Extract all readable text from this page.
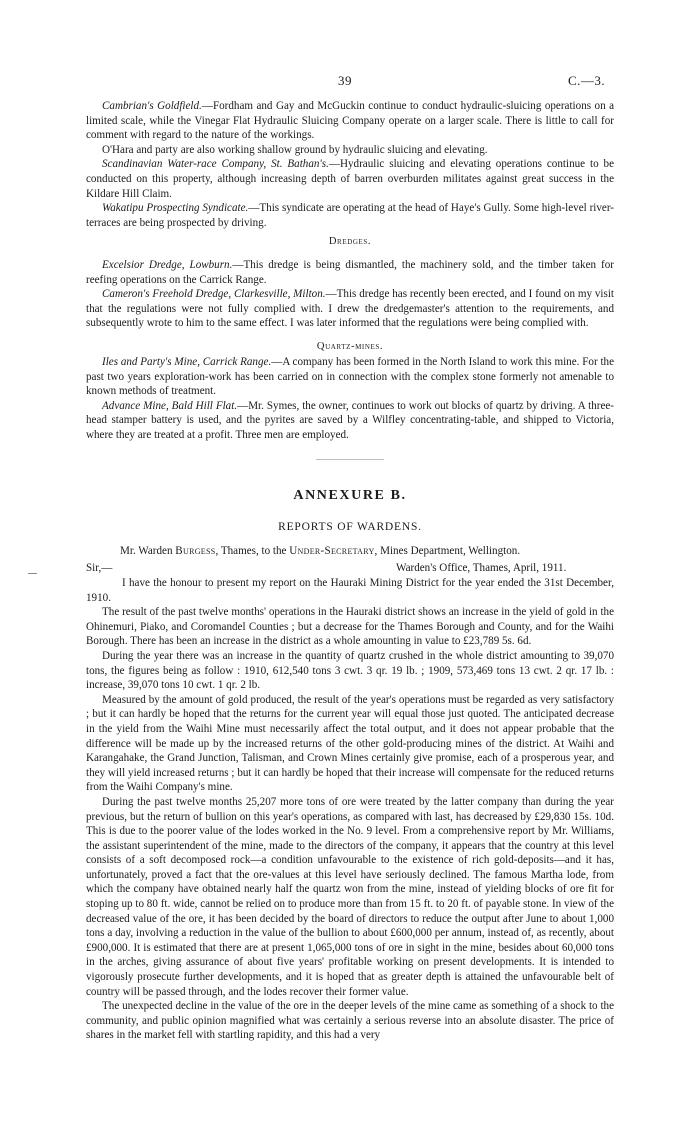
39	C.—3.

Cambrian's Goldfield.—Fordham and Gay and McGuckin continue to conduct hydraulic-sluicing operations on a limited scale, while the Vinegar Flat Hydraulic Sluicing Company operate on a larger scale. There is little to call for comment with regard to the nature of the workings.

O'Hara and party are also working shallow ground by hydraulic sluicing and elevating.

Scandinavian Water-race Company, St. Bathan's.—Hydraulic sluicing and elevating operations continue to be conducted on this property, although increasing depth of barren overburden militates against great success in the Kildare Hill Claim.

Wakatipu Prospecting Syndicate.—This syndicate are operating at the head of Haye's Gully. Some high-level river-terraces are being prospected by driving.

Dredges.

Excelsior Dredge, Lowburn.—This dredge is being dismantled, the machinery sold, and the timber taken for reefing operations on the Carrick Range.

Cameron's Freehold Dredge, Clarkesville, Milton.—This dredge has recently been erected, and I found on my visit that the regulations were not fully complied with. I drew the dredgemaster's attention to the requirements, and subsequently wrote to him to the same effect. I was later informed that the regulations were being complied with.

Quartz-mines.

Iles and Party's Mine, Carrick Range.—A company has been formed in the North Island to work this mine. For the past two years exploration-work has been carried on in connection with the complex stone formerly not amenable to known methods of treatment.

Advance Mine, Bald Hill Flat.—Mr. Symes, the owner, continues to work out blocks of quartz by driving. A three-head stamper battery is used, and the pyrites are saved by a Wilfley concentrating-table, and shipped to Victoria, where they are treated at a profit. Three men are employed.

ANNEXURE B.
REPORTS OF WARDENS.
Mr. Warden Burgess, Thames, to the Under-Secretary, Mines Department, Wellington.
Sir,—	Warden's Office, Thames, April, 1911.

I have the honour to present my report on the Hauraki Mining District for the year ended the 31st December, 1910.

The result of the past twelve months' operations in the Hauraki district shows an increase in the yield of gold in the Ohinemuri, Piako, and Coromandel Counties ; but a decrease for the Thames Borough and County, and for the Waihi Borough. There has been an increase in the district as a whole amounting in value to £23,789 5s. 6d.

During the year there was an increase in the quantity of quartz crushed in the whole district amounting to 39,070 tons, the figures being as follow : 1910, 612,540 tons 3 cwt. 3 qr. 19 lb. ; 1909, 573,469 tons 13 cwt. 2 qr. 17 lb. : increase, 39,070 tons 10 cwt. 1 qr. 2 lb.

Measured by the amount of gold produced, the result of the year's operations must be regarded as very satisfactory ; but it can hardly be hoped that the returns for the current year will equal those just quoted. The anticipated decrease in the yield from the Waihi Mine must necessarily affect the total output, and it does not appear probable that the difference will be made up by the increased returns of the other gold-producing mines of the district. At Waihi and Karangahake, the Grand Junction, Talisman, and Crown Mines certainly give promise, each of a prosperous year, and they will yield increased returns ; but it can hardly be hoped that their increase will compensate for the reduced returns from the Waihi Company's mine.

During the past twelve months 25,207 more tons of ore were treated by the latter company than during the year previous, but the return of bullion on this year's operations, as compared with last, has decreased by £29,830 15s. 10d. This is due to the poorer value of the lodes worked in the No. 9 level. From a comprehensive report by Mr. Williams, the assistant superintendent of the mine, made to the directors of the company, it appears that the country at this level consists of a soft decomposed rock—a condition unfavourable to the existence of rich gold-deposits—and it has, unfortunately, proved a fact that the ore-values at this level have seriously declined. The famous Martha lode, from which the company have obtained nearly half the quartz won from the mine, instead of yielding blocks of ore fit for stoping up to 80 ft. wide, cannot be relied on to produce more than from 15 ft. to 20 ft. of payable stone. In view of the decreased value of the ore, it has been decided by the board of directors to reduce the output after June to about 1,000 tons a day, involving a reduction in the value of the bullion to about £600,000 per annum, instead of, as recently, about £900,000. It is estimated that there are at present 1,065,000 tons of ore in sight in the mine, besides about 60,000 tons in the arches, giving assurance of about five years' profitable working on present developments. It is intended to vigorously prosecute further developments, and it is hoped that as greater depth is attained the unfavourable belt of country will be passed through, and the lodes recover their former value.

The unexpected decline in the value of the ore in the deeper levels of the mine came as something of a shock to the community, and public opinion magnified what was certainly a serious reverse into an absolute disaster. The price of shares in the market fell with startling rapidity, and this had a very
